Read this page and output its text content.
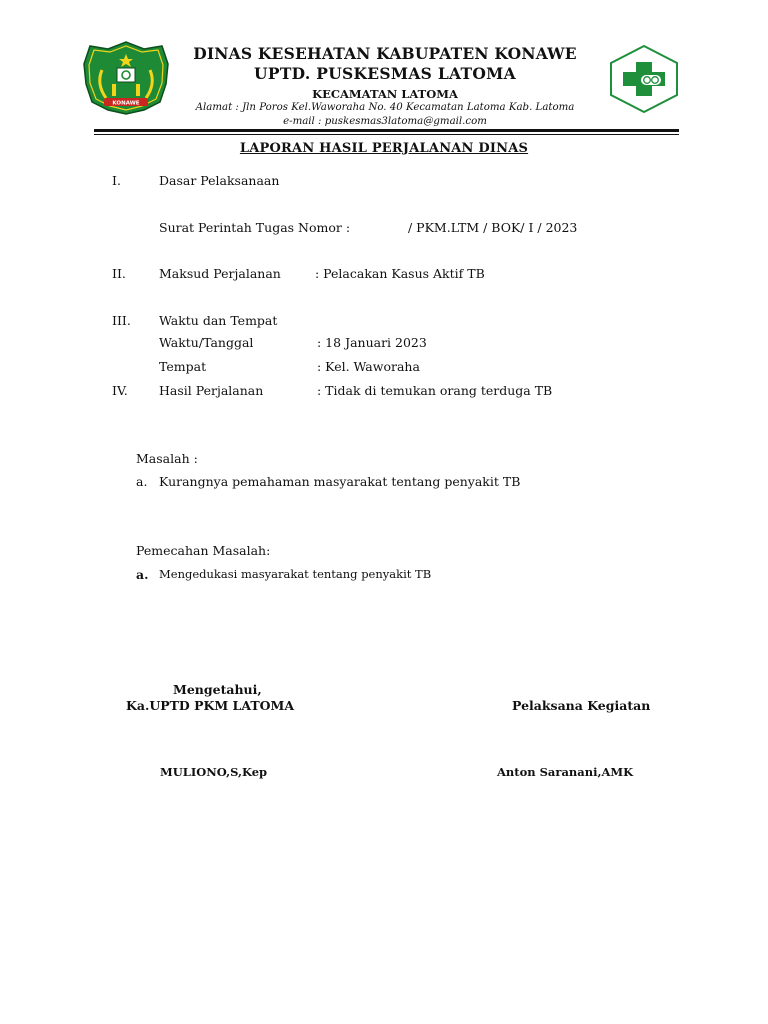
KONAWE
DINAS KESEHATAN KABUPATEN KONAWE
UPTD. PUSKESMAS LATOMA
KECAMATAN LATOMA
Alamat : Jln Poros Kel.Waworaha No. 40 Kecamatan Latoma Kab. Latoma
e-mail : puskesmas3latoma@gmail.com
LAPORAN HASIL PERJALANAN DINAS
I.	Dasar Pelaksanaan
Surat Perintah Tugas Nomor :	/ PKM.LTM / BOK/ I / 2023
II.	Maksud Perjalanan	: Pelacakan Kasus Aktif TB
III. Waktu dan Tempat
Waktu/Tanggal	: 18 Januari 2023
Tempat	: Kel. Waworaha
IV. Hasil Perjalanan	: Tidak di temukan orang terduga TB
Masalah :
a. Kurangnya pemahaman masyarakat tentang penyakit TB
Pemecahan Masalah:
a. Mengedukasi masyarakat tentang penyakit TB
Mengetahui,
Ka.UPTD PKM LATOMA	Pelaksana Kegiatan
MULIONO,S,Kep	Anton Saranani,AMK
